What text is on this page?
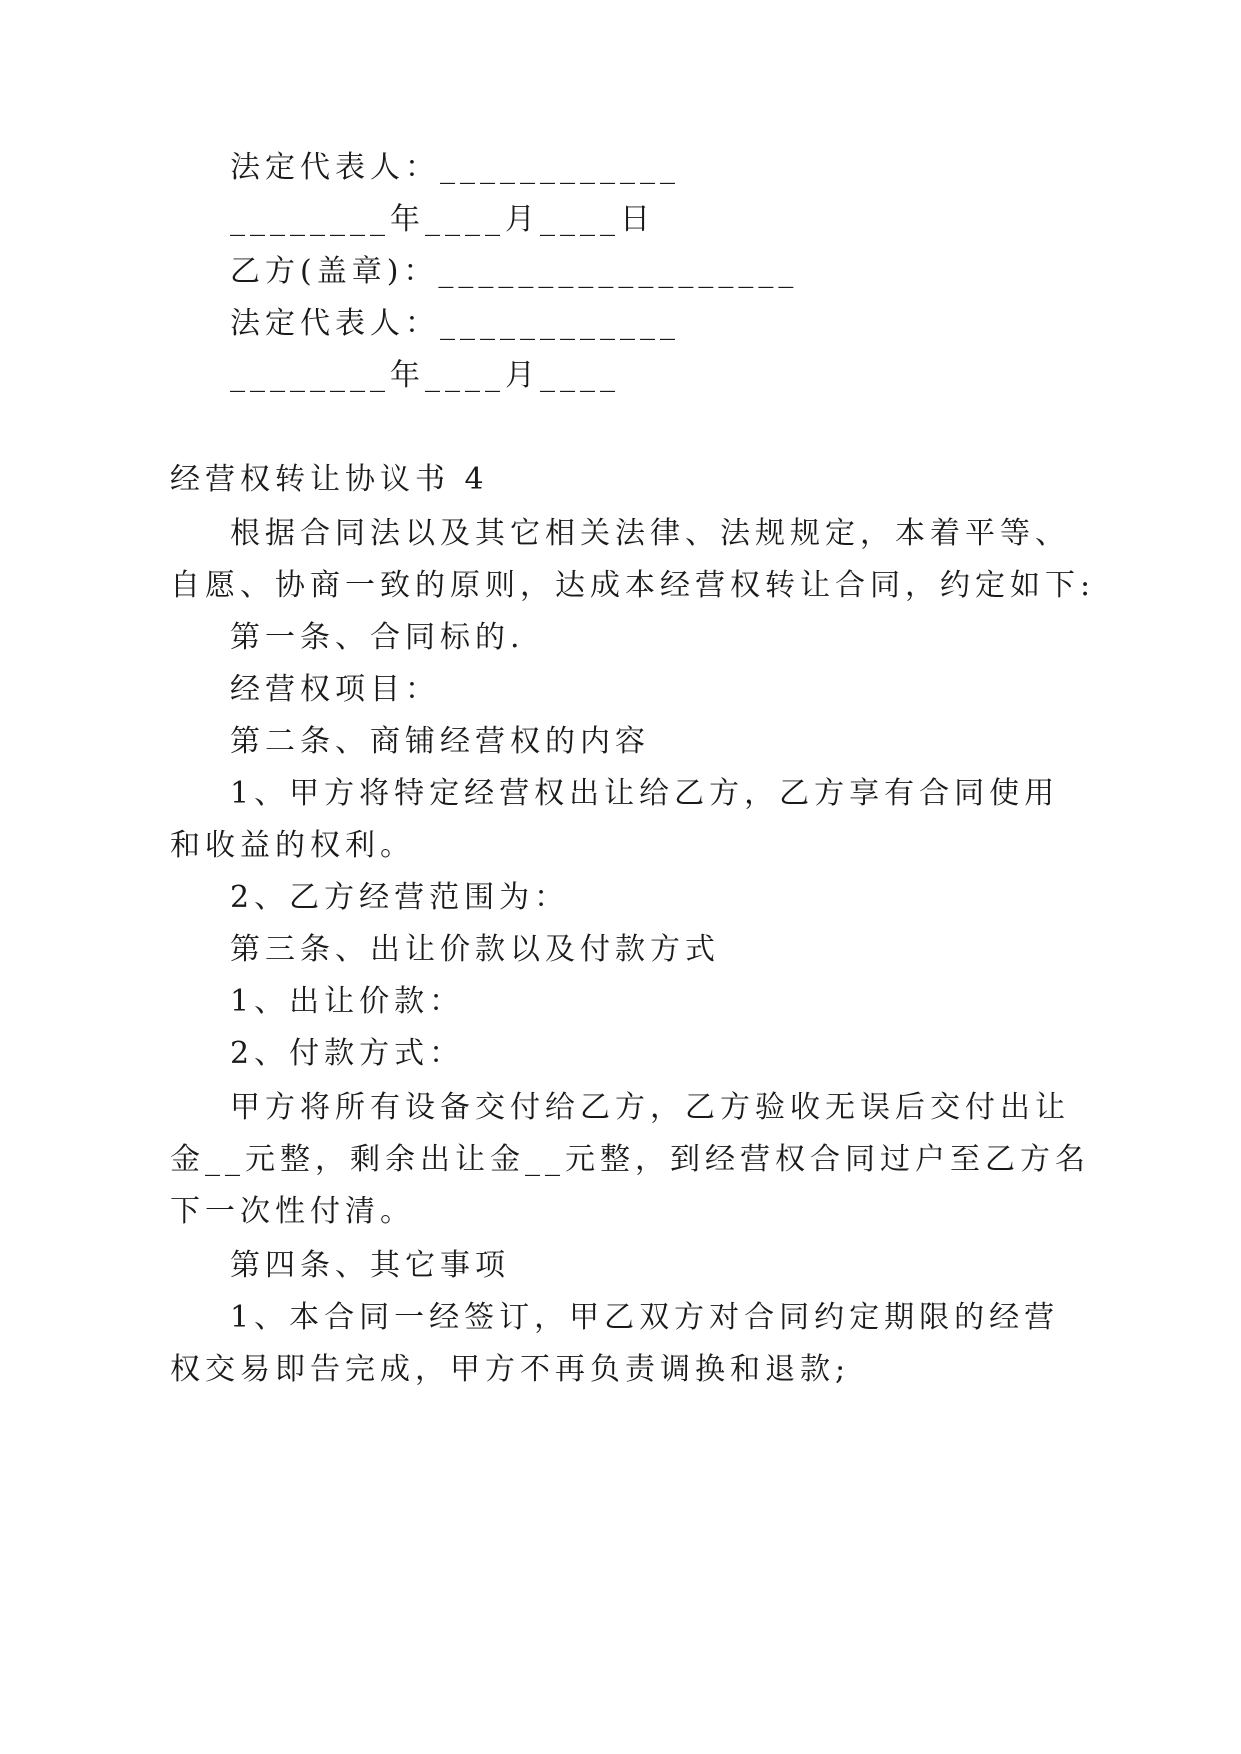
法定代表人：____________
________年____月____日
乙方(盖章)：__________________
法定代表人：____________
________年____月____
经营权转让协议书 4
根据合同法以及其它相关法律、法规规定，本着平等、
自愿、协商一致的原则，达成本经营权转让合同，约定如下:
第一条、合同标的.
经营权项目：
第二条、商铺经营权的内容
1、甲方将特定经营权出让给乙方，乙方享有合同使用
和收益的权利。
2、乙方经营范围为：
第三条、出让价款以及付款方式
1、出让价款：
2、付款方式：
甲方将所有设备交付给乙方，乙方验收无误后交付出让
金__元整，剩余出让金__元整，到经营权合同过户至乙方名
下一次性付清。
第四条、其它事项
1、本合同一经签订，甲乙双方对合同约定期限的经营
权交易即告完成，甲方不再负责调换和退款;
